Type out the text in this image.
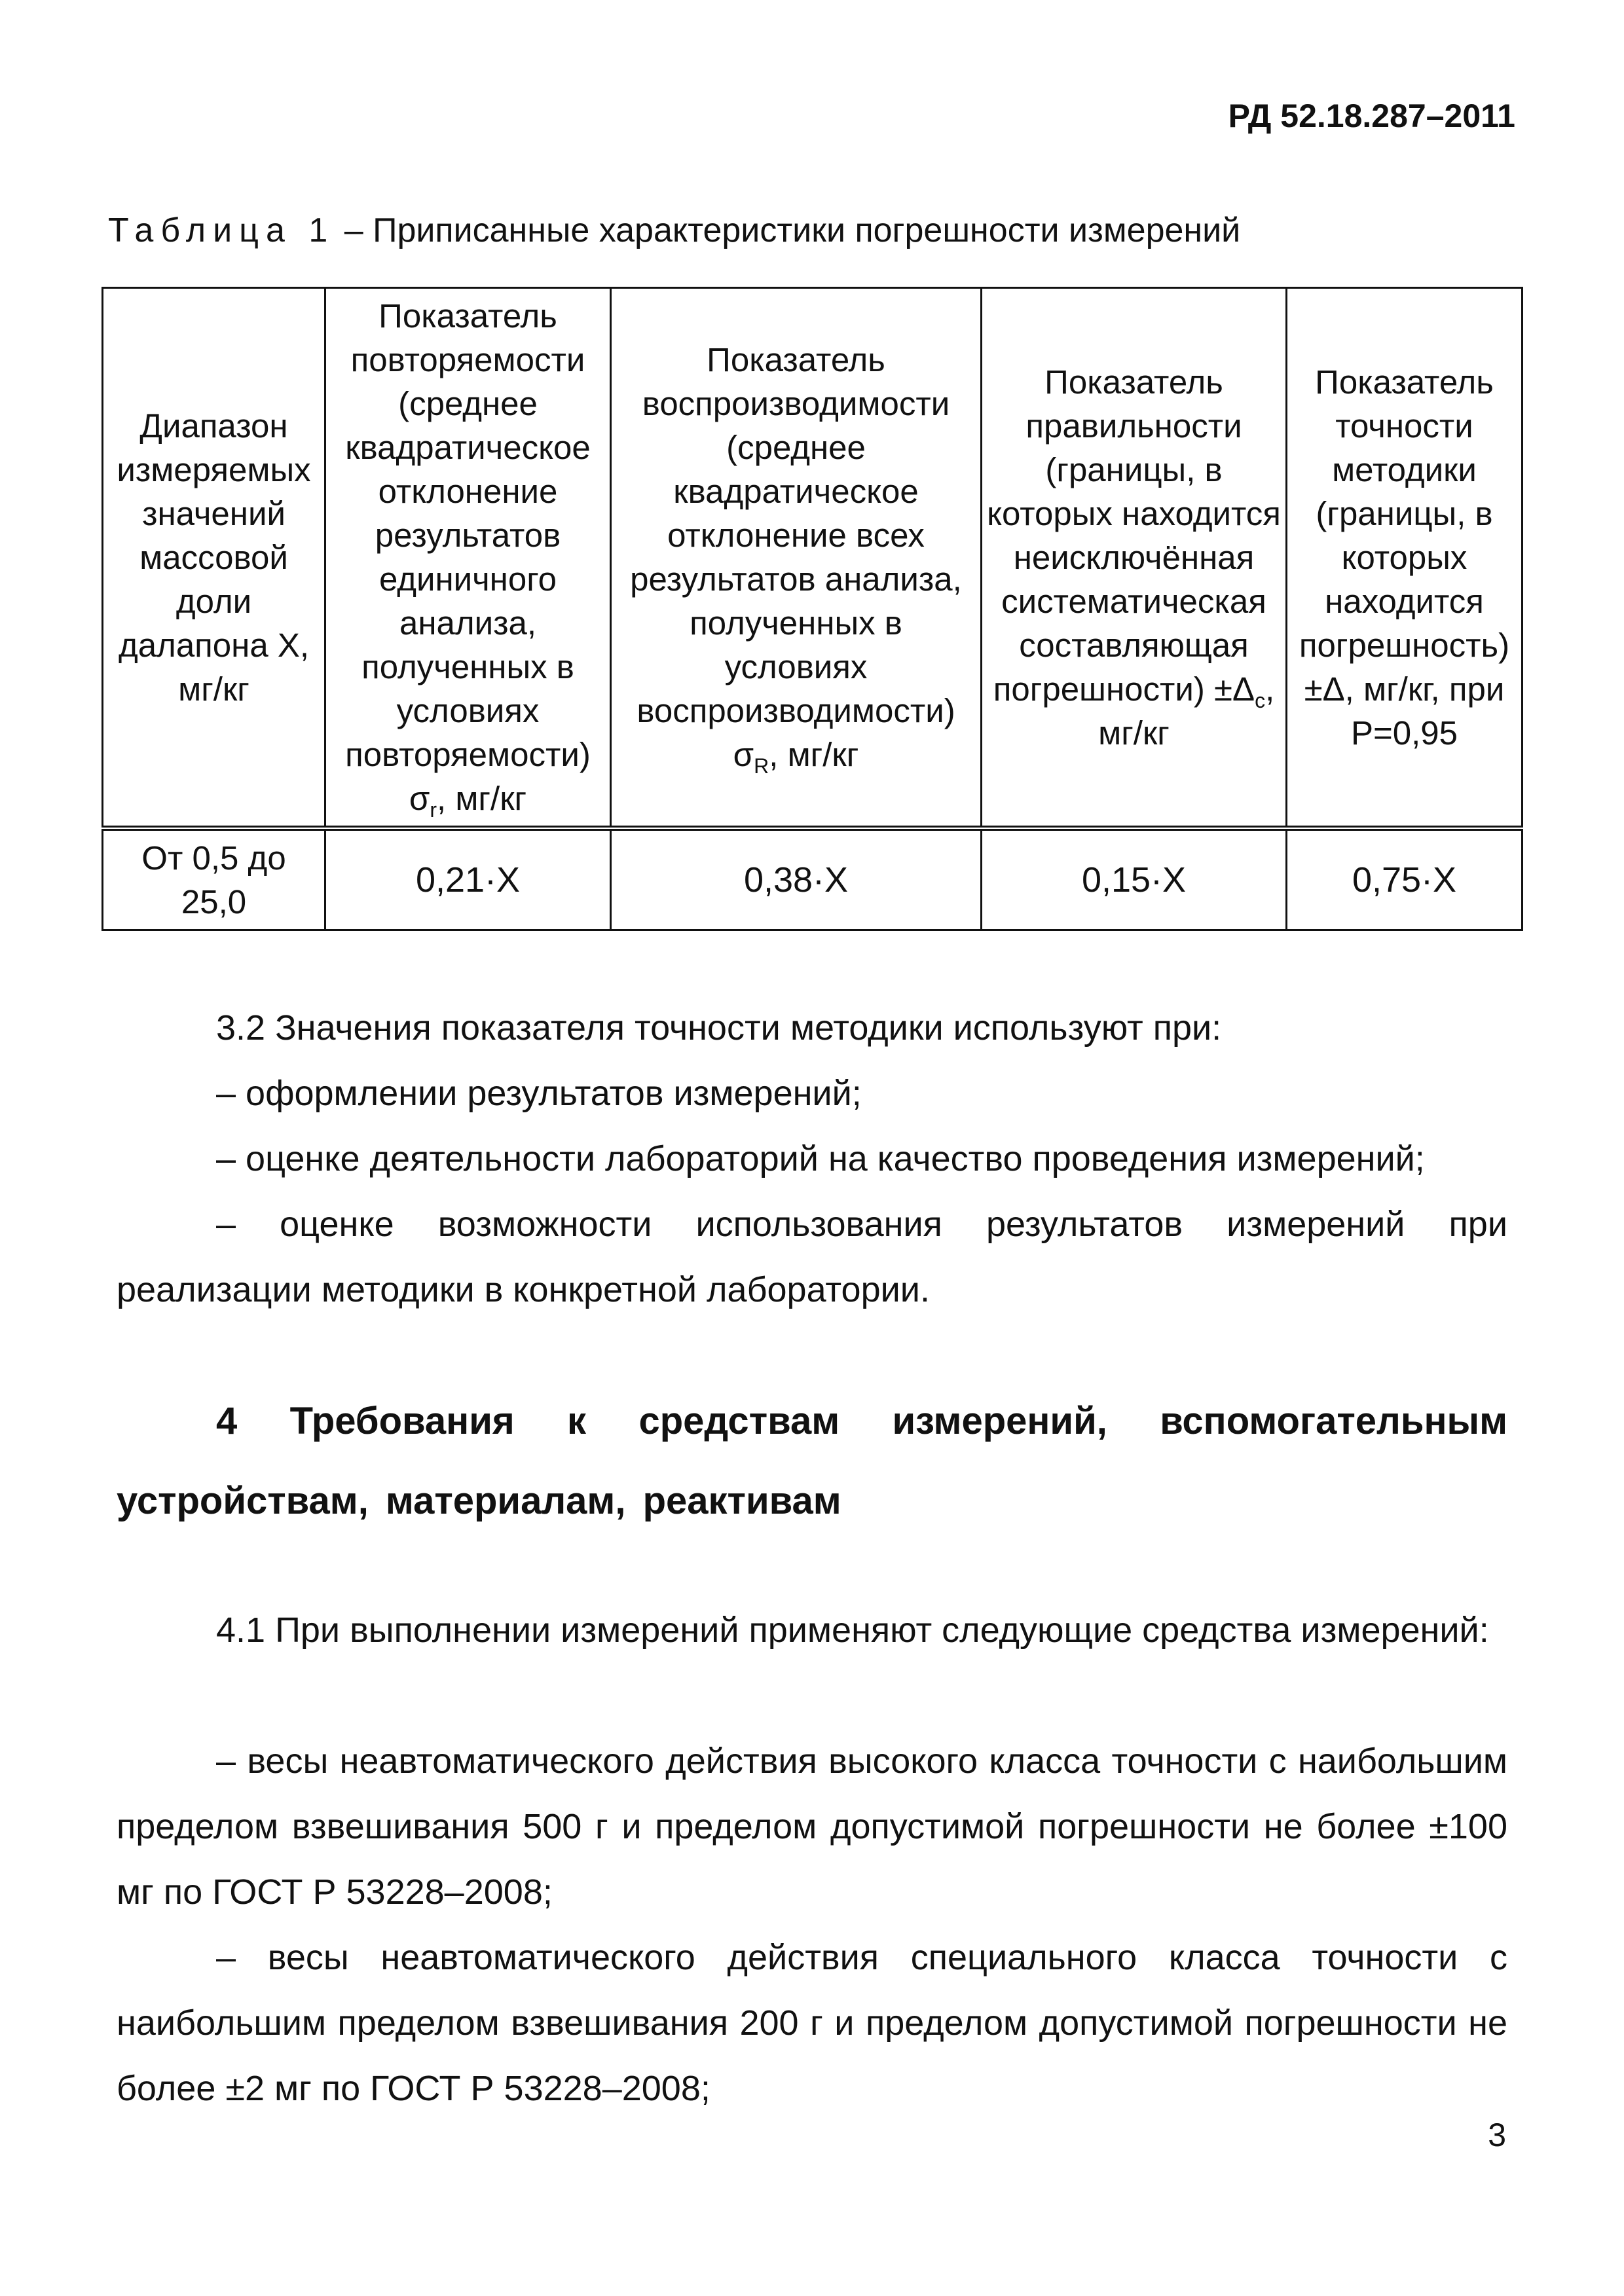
РД 52.18.287–2011
Таблица 1 – Приписанные характеристики погрешности измерений
Диапазон измеряемых значений массовой доли далапона Х, мг/кг	Показатель повторяемости (среднее квадратическое отклонение результатов единичного анализа, полученных в условиях повторяемости) $\sigma_r$, мг/кг	Показатель воспроизводимости (среднее квадратическое отклонение всех результатов анализа, полученных в условиях воспроизводимости) $\sigma_R$, мг/кг	Показатель правильности (границы, в которых находится неисключённая систематическая составляющая погрешности) $\pm\Delta_с$, мг/кг	Показатель точности методики (границы, в которых находится погрешность) ±Δ, мг/кг, при Р=0,95
От 0,5 до 25,0	0,21·Х	0,38·Х	0,15·Х	0,75·Х
3.2 Значения показателя точности методики используют при:
– оформлении результатов измерений;
– оценке деятельности лабораторий на качество проведения измерений;
– оценке возможности использования результатов измерений при реализации методики в конкретной лаборатории.
4 Требования к средствам измерений, вспомогательным устройствам, материалам, реактивам
4.1 При выполнении измерений применяют следующие средства измерений:
– весы неавтоматического действия высокого класса точности с наибольшим пределом взвешивания 500 г и пределом допустимой погрешности не более ±100 мг по ГОСТ Р 53228–2008;
– весы неавтоматического действия специального класса точности с наибольшим пределом взвешивания 200 г и пределом допустимой погрешности не более ±2 мг по ГОСТ Р 53228–2008;
3
